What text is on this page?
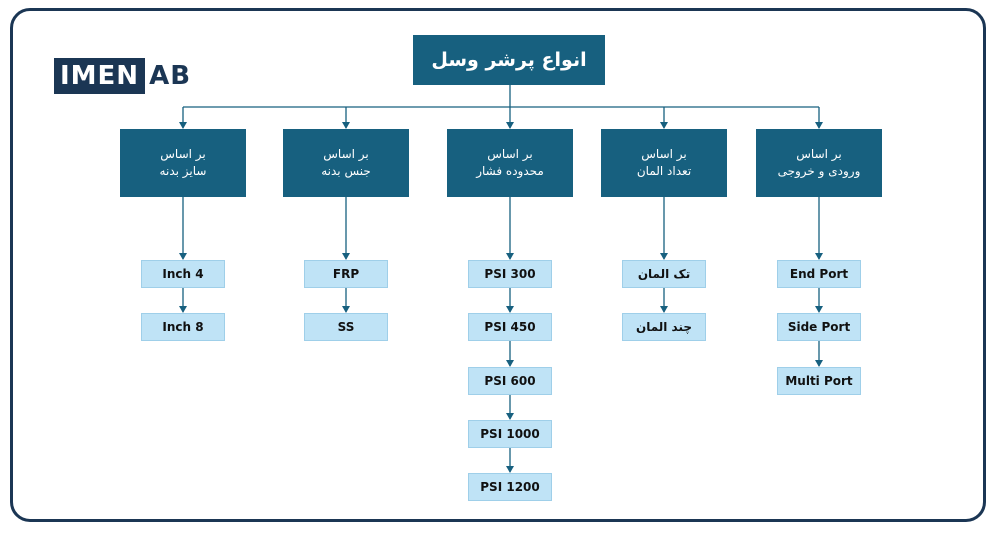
IMEN AB
انواع پرشر وسل
بر اساس
سایز بدنه
4 Inch
8 Inch
بر اساس
جنس بدنه
FRP
SS
بر اساس
محدوده فشار
300 PSI
450 PSI
600 PSI
1000 PSI
1200 PSI
بر اساس
تعداد المان
تک المان
چند المان
بر اساس
ورودی و خروجی
End Port
Side Port
Multi Port
